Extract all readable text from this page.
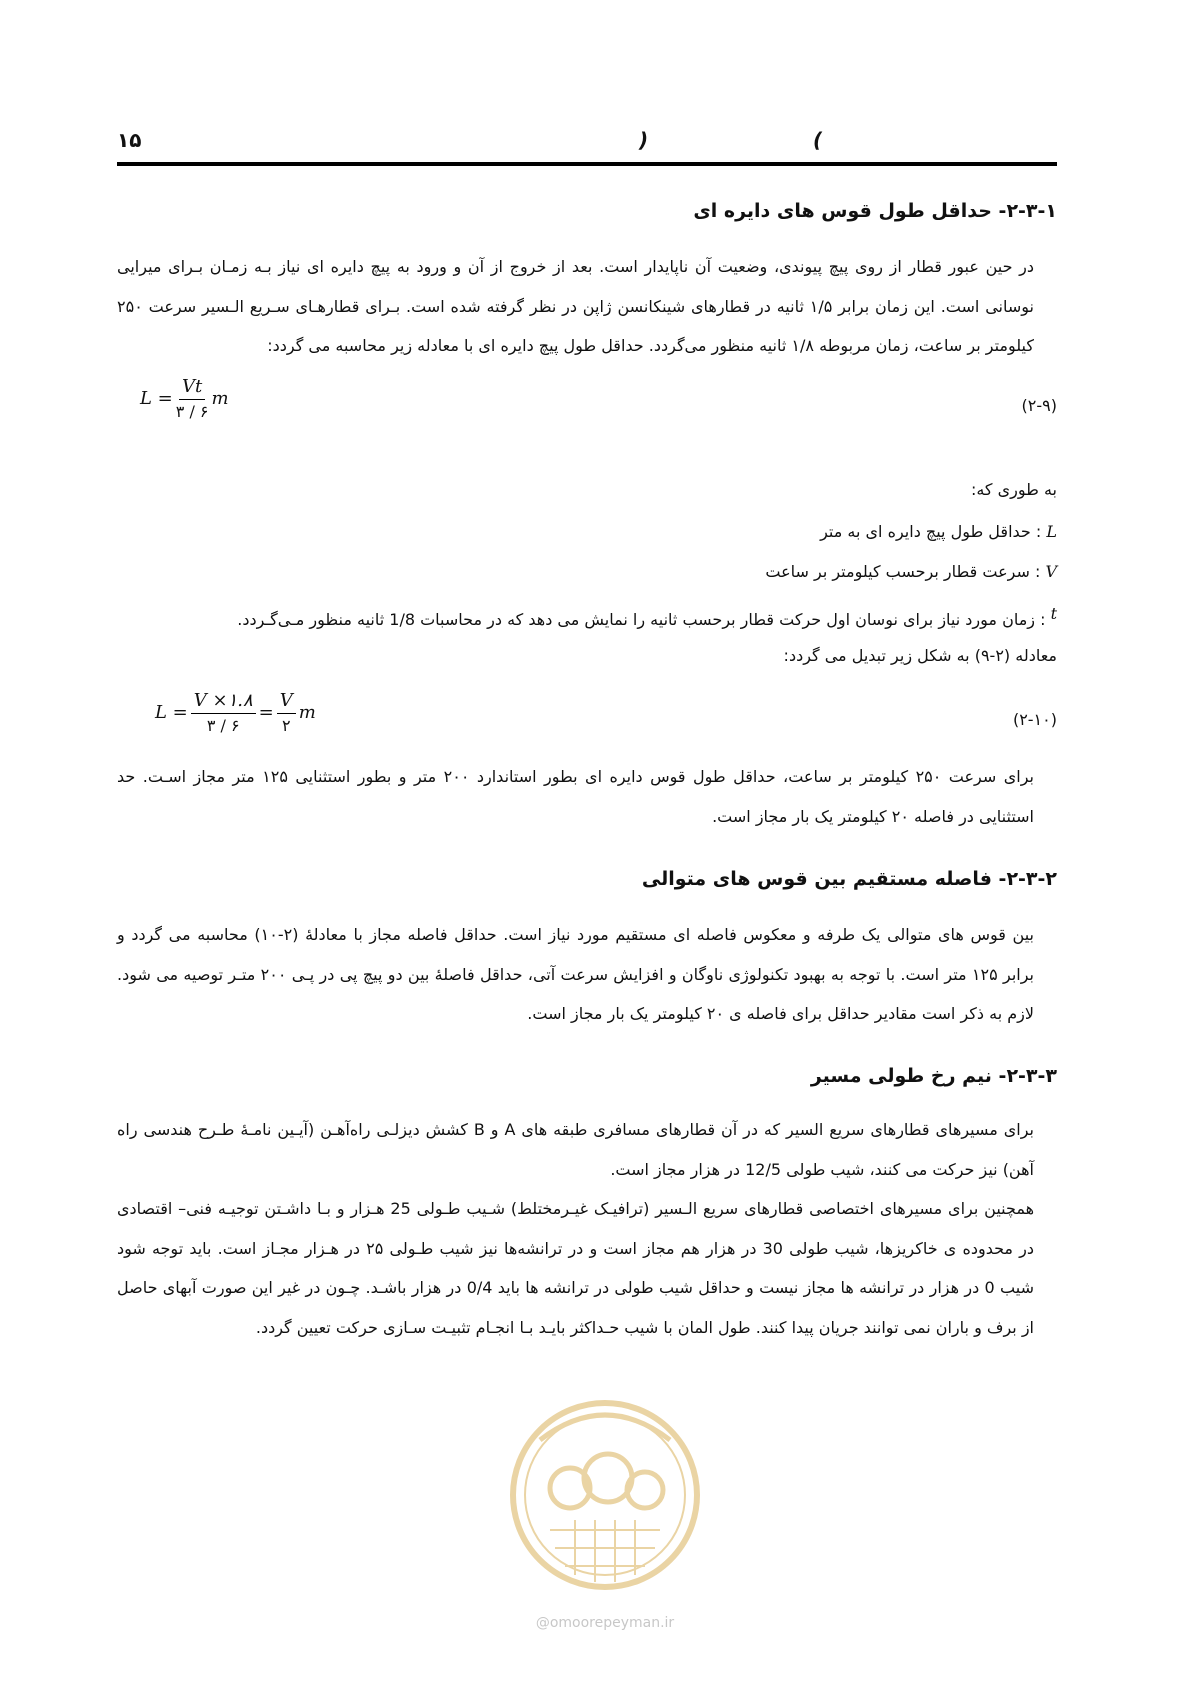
۱۵	(
)
۲-۳-۱- حداقل طول قوس های دایره ای
در حین عبور قطار از روی پیچ پیوندی، وضعیت آن ناپایدار است. بعد از خروج از آن و ورود به پیچ دایره ای نیاز بـه زمـان بـرای میرایی نوسانی است. این زمان برابر ۱/۵ ثانیه در قطارهای شینکانسن ژاپن در نظر گرفته شده است. بـرای قطارهـای سـریع الـسیر سرعت ۲۵۰ کیلومتر بر ساعت، زمان مربوطه ۱/۸ ثانیه منظور می‌گردد. حداقل طول پیچ دایره ای با معادله زیر محاسبه می گردد:
$L = \frac{Vt}{۳ / ۶}$ m	(۲-۹)
به طوری که:
L : حداقل طول پیچ دایره ای به متر
V : سرعت قطار برحسب کیلومتر بر ساعت
t : زمان مورد نیاز برای نوسان اول حرکت قطار برحسب ثانیه را نمایش می دهد که در محاسبات 1/8 ثانیه منظور مـی‌گـردد.
معادله (۲-۹) به شکل زیر تبدیل می گردد:
$L = \frac{V \times ۱.۸}{۳ / ۶} = \frac{V}{۲}$ m	(۲-۱۰)
برای سرعت ۲۵۰ کیلومتر بر ساعت، حداقل طول قوس دایره ای بطور استاندارد ۲۰۰ متر و بطور استثنایی ۱۲۵ متر مجاز اسـت. حد استثنایی در فاصله ۲۰ کیلومتر یک بار مجاز است.
۲-۳-۲- فاصله مستقیم بین قوس های متوالی
بین قوس های متوالی یک طرفه و معکوس فاصله ای مستقیم مورد نیاز است. حداقل فاصله مجاز با معادلهٔ (۲-۱۰) محاسبه می گردد و برابر ۱۲۵ متر است. با توجه به بهبود تکنولوژی ناوگان و افزایش سرعت آتی، حداقل فاصلهٔ بین دو پیچ پی در پـی ۲۰۰ متـر توصیه می شود. لازم به ذکر است مقادیر حداقل برای فاصله ی ۲۰ کیلومتر یک بار مجاز است.
۲-۳-۳- نیم رخ طولی مسیر
برای مسیرهای قطارهای سریع السیر که در آن قطارهای مسافری طبقه های A و B کشش دیزلـی راه‌آهـن (آیـین نامـهٔ طـرح هندسی راه آهن) نیز حرکت می کنند، شیب طولی 12/5 در هزار مجاز است.
همچنین برای مسیرهای اختصاصی قطارهای سریع الـسیر (ترافیـک غیـرمختلط) شـیب طـولی 25 هـزار و بـا داشـتن توجیـه فنی– اقتصادی در محدوده ی خاکریزها، شیب طولی 30 در هزار هم مجاز است و در ترانشه‌ها نیز شیب طـولی ۲۵ در هـزار مجـاز است. باید توجه شود شیب 0 در هزار در ترانشه ها مجاز نیست و حداقل شیب طولی در ترانشه ها باید 0/4 در هزار باشـد. چـون در غیر این صورت آبهای حاصل از برف و باران نمی توانند جریان پیدا کنند. طول المان با شیب حـداکثر بایـد بـا انجـام تثبیـت سـازی حرکت تعیین گردد.
@omoorepeyman.ir
